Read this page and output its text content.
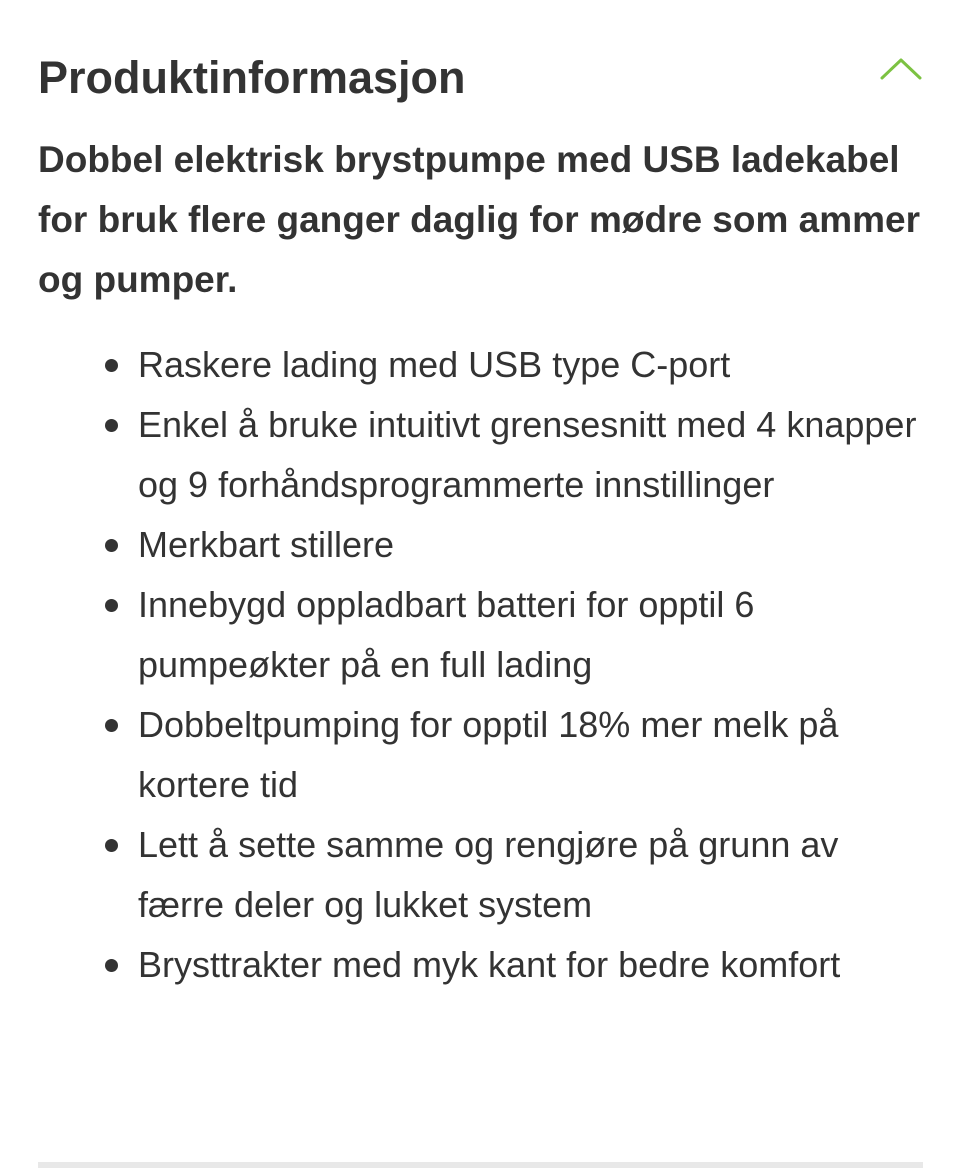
Produktinformasjon

Dobbel elektrisk brystpumpe med USB ladekabel for bruk flere ganger daglig for mødre som ammer og pumper.

Raskere lading med USB type C-port
Enkel å bruke intuitivt grensesnitt med 4 knapper og 9 forhåndsprogrammerte innstillinger
Merkbart stillere
Innebygd oppladbart batteri for opptil 6 pumpeøkter på en full lading
Dobbeltpumping for opptil 18% mer melk på kortere tid
Lett å sette samme og rengjøre på grunn av færre deler og lukket system
Brysttrakter med myk kant for bedre komfort
